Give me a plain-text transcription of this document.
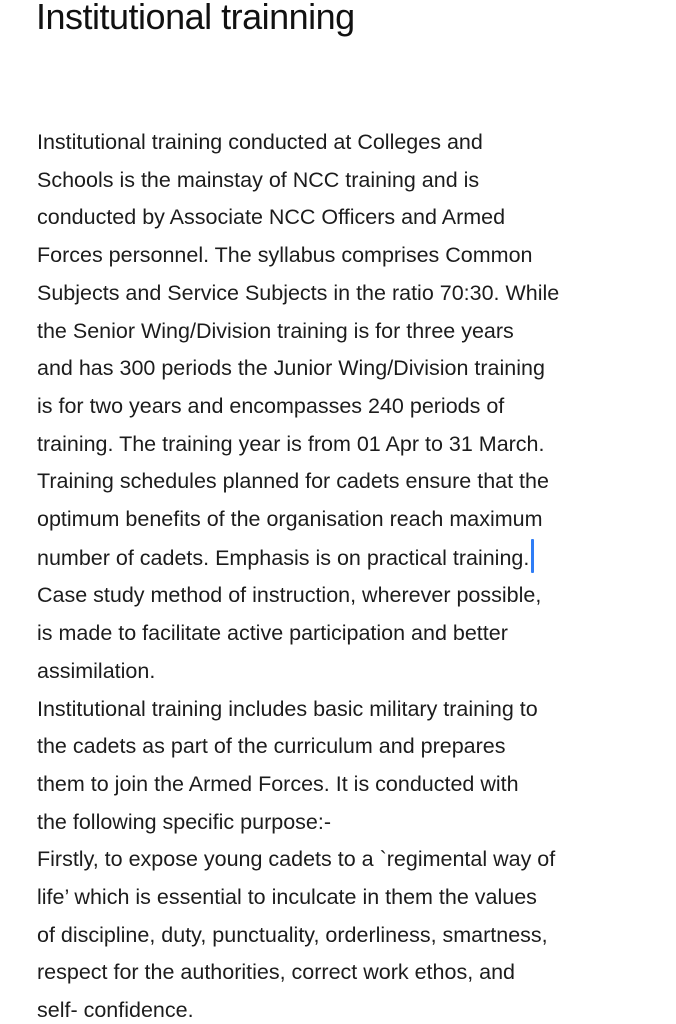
Institutional trainning
Institutional training conducted at Colleges and
Schools is the mainstay of NCC training and is
conducted by Associate NCC Officers and Armed
Forces personnel. The syllabus comprises Common
Subjects and Service Subjects in the ratio 70:30. While
the Senior Wing/Division training is for three years
and has 300 periods the Junior Wing/Division training
is for two years and encompasses 240 periods of
training. The training year is from 01 Apr to 31 March.
Training schedules planned for cadets ensure that the
optimum benefits of the organisation reach maximum
number of cadets. Emphasis is on practical training.
Case study method of instruction, wherever possible,
is made to facilitate active participation and better
assimilation.
Institutional training includes basic military training to
the cadets as part of the curriculum and prepares
them to join the Armed Forces. It is conducted with
the following specific purpose:-
Firstly, to expose young cadets to a `regimental way of
life’ which is essential to inculcate in them the values
of discipline, duty, punctuality, orderliness, smartness,
respect for the authorities, correct work ethos, and
self- confidence.
